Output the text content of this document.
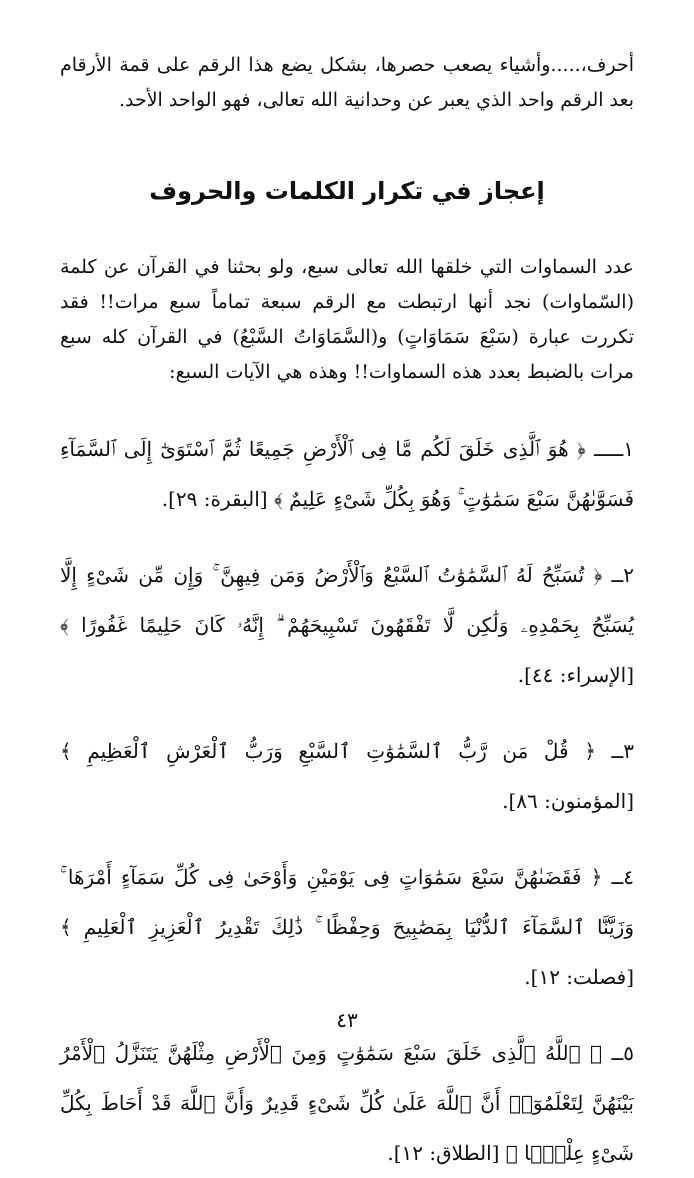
أحرف،.....وأشياء يصعب حصرها، بشكل يضع هذا الرقم على قمة الأرقام بعد الرقم واحد الذي يعبر عن وحدانية الله تعالى، فهو الواحد الأحد.

إعجاز في تكرار الكلمات والحروف

عدد السماوات التي خلقها الله تعالى سبع، ولو بحثنا في القرآن عن كلمة (السّماوات) نجد أنها ارتبطت مع الرقم سبعة تماماً سبع مرات!! فقد تكررت عبارة (سَبْعَ سَمَاوَاتٍ) و(السَّمَاوَاتُ السَّبْعُ) في القرآن كله سبع مرات بالضبط بعدد هذه السماوات!! وهذه هي الآيات السبع:

١ـــــ ﴿ هُوَ ٱلَّذِى خَلَقَ لَكُم مَّا فِى ٱلْأَرْضِ جَمِيعًا ثُمَّ ٱسْتَوَىٰٓ إِلَى ٱلسَّمَآءِ فَسَوَّىٰهُنَّ سَبْعَ سَمَٰوَٰتٍ ۚ وَهُوَ بِكُلِّ شَىْءٍ عَلِيمٌ ﴾ [البقرة: ٢٩].

٢ــ ﴿ تُسَبِّحُ لَهُ ٱلسَّمَٰوَٰتُ ٱلسَّبْعُ وَٱلْأَرْضُ وَمَن فِيهِنَّ ۚ وَإِن مِّن شَىْءٍ إِلَّا يُسَبِّحُ بِحَمْدِهِۦ وَلَٰكِن لَّا تَفْقَهُونَ تَسْبِيحَهُمْ ۗ إِنَّهُۥ كَانَ حَلِيمًا غَفُورًا ﴾ [الإسراء: ٤٤].

٣ــ ﴿ قُلْ مَن رَّبُّ ٱلسَّمَٰوَٰتِ ٱلسَّبْعِ وَرَبُّ ٱلْعَرْشِ ٱلْعَظِيمِ ﴾ [المؤمنون: ٨٦].

٤ــ ﴿ فَقَضَىٰهُنَّ سَبْعَ سَمَٰوَاتٍ فِى يَوْمَيْنِ وَأَوْحَىٰ فِى كُلِّ سَمَآءٍ أَمْرَهَا ۚ وَزَيَّنَّا ٱلسَّمَآءَ ٱلدُّنْيَا بِمَصَٰبِيحَ وَحِفْظًا ۚ ذَٰلِكَ تَقْدِيرُ ٱلْعَزِيزِ ٱلْعَلِيمِ ﴾ [فصلت: ١٢].

٥ــ ﴿ ٱللَّهُ ٱلَّذِى خَلَقَ سَبْعَ سَمَٰوَٰتٍ وَمِنَ ٱلْأَرْضِ مِثْلَهُنَّ يَتَنَزَّلُ ٱلْأَمْرُ بَيْنَهُنَّ لِتَعْلَمُوٓا۟ أَنَّ ٱللَّهَ عَلَىٰ كُلِّ شَىْءٍ قَدِيرٌ وَأَنَّ ٱللَّهَ قَدْ أَحَاطَ بِكُلِّ شَىْءٍ عِلْمًۢا ﴾ [الطلاق: ١٢].

٤٣
